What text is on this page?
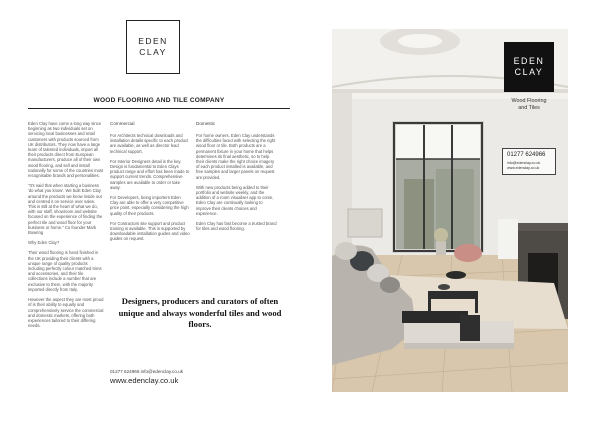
EDEN
CLAY
WOOD FLOORING AND TILE COMPANY
Commercial	Domestic

Eden Clay have come a long way since beginning as two individuals set on servicing local businesses and retail customers with products sourced from UK distributors. They now have a large team of talented individuals, import all their products direct from European manufacturers, produce all of their own wood flooring, and sell and install nationally for some of the countries most recognisable brands and personalities.

"It's said that when starting a business 'do what you know'. We built Eden Clay around the products we know inside out and centred it on service over sales. This is still at the heart of what we do, with our staff, showroom and website focused on the experience of finding the perfect tile and wood floor for your business or home." Co founder Mark Bowring

Why Eden Clay?

Their wood flooring is hand finished in the UK providing their clients with a unique range of quality products including perfectly colour matched trims and accessories, and their tile collections include a number that are exclusive to them, with the majority imported directly from Italy.

However the aspect they are most proud of is their ability to equally and comprehensively service the commercial and domestic markets, offering both experiences tailored to their differing needs.

For Architects technical downloads and installation details specific to each product are available, as well as director lead technical support.

For Interior Designers detail is the key. Design is fundamental to Eden Clays product range and effort has been made to support current trends. Comprehensive samples are available to order or take away.

For Developers, being importers Eden Clay are able to offer a very competitive price point, especially considering the high quality of their products.

For Contractors site support and product training is available. This is supported by downloadable installation guides and video guides on request.

For home owners, Eden Clay understands the difficulties faced with selecting the right wood floor or tile. Both products are a permanent fixture in your home that helps determines its final aesthetic, so to help their clients make the right choice imagery of each product installed is available, and free samples and larger panels on request are provided.

With new products being added to their portfolio and website weekly, and the addition of a room visualiser app to come, Eden Clay are continually looking to improve their clients choices and experience.

Eden Clay has fast become a trusted brand for tiles and wood flooring.

Designers, producers and curators of often unique and always wonderful tiles and wood floors.
01277 624966 info@edenclay.co.uk
www.edenclay.co.uk
EDEN
CLAY
Wood Flooring
and Tiles
01277 624966
info@edenclay.co.uk
www.edenclay.co.uk
